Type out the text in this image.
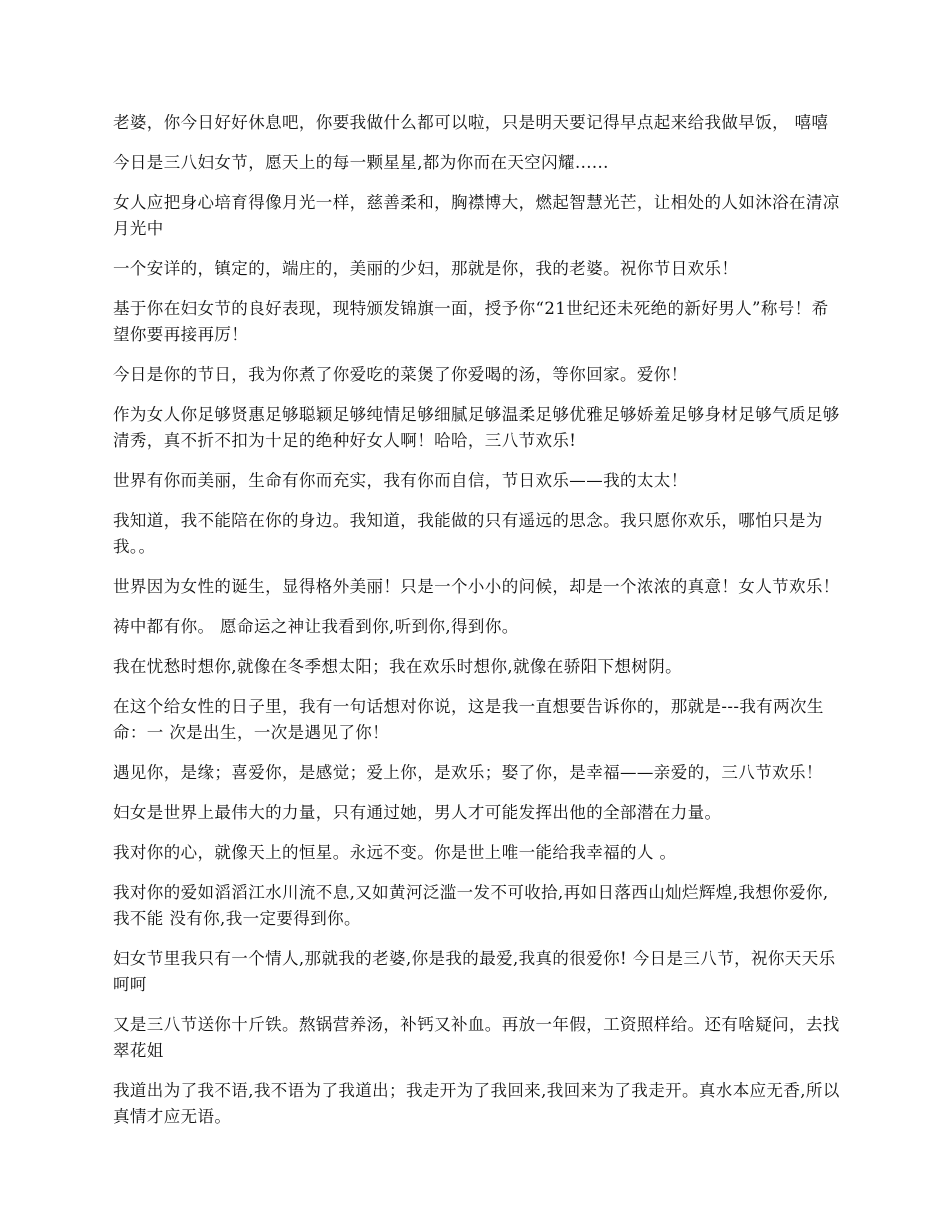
老婆，你今日好好休息吧，你要我做什么都可以啦，只是明天要记得早点起来给我做早饭， 嘻嘻

今日是三八妇女节，愿天上的每一颗星星,都为你而在天空闪耀......

女人应把身心培育得像月光一样，慈善柔和，胸襟博大，燃起智慧光芒，让相处的人如沐浴在清凉月光中

一个安详的，镇定的，端庄的，美丽的少妇，那就是你，我的老婆。祝你节日欢乐！

基于你在妇女节的良好表现，现特颁发锦旗一面，授予你“21世纪还未死绝的新好男人”称号！希望你要再接再厉！

今日是你的节日，我为你煮了你爱吃的菜煲了你爱喝的汤，等你回家。爱你！

作为女人你足够贤惠足够聪颖足够纯情足够细腻足够温柔足够优雅足够娇羞足够身材足够气质足够清秀，真不折不扣为十足的绝种好女人啊！哈哈，三八节欢乐!

世界有你而美丽，生命有你而充实，我有你而自信，节日欢乐——我的太太！

我知道，我不能陪在你的身边。我知道，我能做的只有遥远的思念。我只愿你欢乐，哪怕只是为我。。

世界因为女性的诞生，显得格外美丽！只是一个小小的问候，却是一个浓浓的真意！女人节欢乐！

祷中都有你。 愿命运之神让我看到你,听到你,得到你。

我在忧愁时想你,就像在冬季想太阳；我在欢乐时想你,就像在骄阳下想树阴。

在这个给女性的日子里，我有一句话想对你说，这是我一直想要告诉你的，那就是---我有两次生命：一 次是出生，一次是遇见了你！

遇见你，是缘；喜爱你，是感觉；爱上你，是欢乐；娶了你，是幸福——亲爱的，三八节欢乐！

妇女是世界上最伟大的力量，只有通过她，男人才可能发挥出他的全部潜在力量。

我对你的心，就像天上的恒星。永远不变。你是世上唯一能给我幸福的人 。

我对你的爱如滔滔江水川流不息,又如黄河泛滥一发不可收拾,再如日落西山灿烂辉煌,我想你爱你,我不能 没有你,我一定要得到你。

妇女节里我只有一个情人,那就我的老婆,你是我的最爱,我真的很爱你! 今日是三八节，祝你天天乐呵呵

又是三八节送你十斤铁。熬锅营养汤，补钙又补血。再放一年假，工资照样给。还有啥疑问，去找翠花姐

我道出为了我不语,我不语为了我道出；我走开为了我回来,我回来为了我走开。真水本应无香,所以真情才应无语。
